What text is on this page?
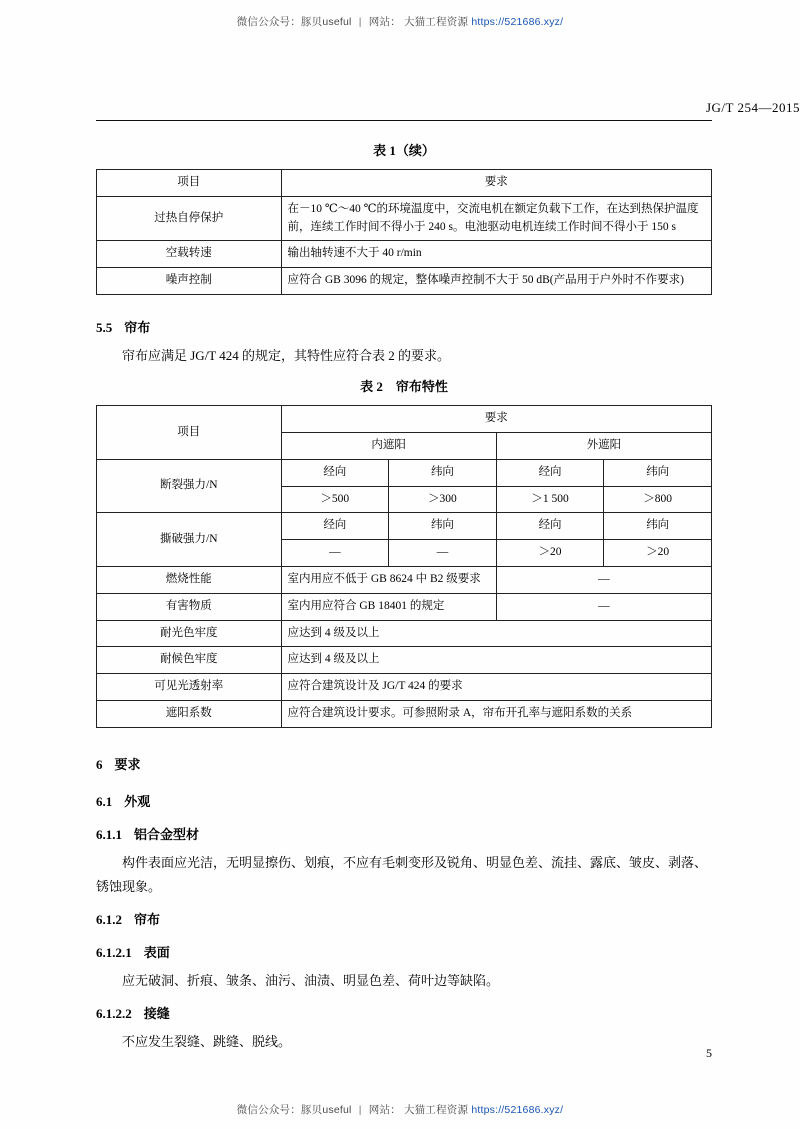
微信公众号：豚贝useful | 网站： 大猫工程资源 https://521686.xyz/
JG/T 254—2015
表 1（续）
项目	要求
过热自停保护	在－10 ℃～40 ℃的环境温度中，交流电机在额定负载下工作，在达到热保护温度前，连续工作时间不得小于 240 s。电池驱动电机连续工作时间不得小于 150 s
空载转速	输出轴转速不大于 40 r/min
噪声控制	应符合 GB 3096 的规定，整体噪声控制不大于 50 dB(产品用于户外时不作要求)
5.5 帘布

帘布应满足 JG/T 424 的规定，其特性应符合表 2 的要求。

表 2　帘布特性
项目	要求			
	内遮阳		外遮阳	
断裂强力/N	经向	纬向	经向	纬向
	＞500	＞300	＞1 500	＞800
撕破强力/N	经向	纬向	经向	纬向
	—	—	＞20	＞20
燃烧性能	室内用应不低于 GB 8624 中 B2 级要求		—	
有害物质	室内用应符合 GB 18401 的规定		—	
耐光色牢度	应达到 4 级及以上			
耐候色牢度	应达到 4 级及以上			
可见光透射率	应符合建筑设计及 JG/T 424 的要求			
遮阳系数	应符合建筑设计要求。可参照附录 A，帘布开孔率与遮阳系数的关系			
6 要求
6.1 外观
6.1.1 铝合金型材

构件表面应光洁，无明显擦伤、划痕，不应有毛刺变形及锐角、明显色差、流挂、露底、皱皮、剥落、锈蚀现象。

6.1.2 帘布
6.1.2.1 表面

应无破洞、折痕、皱条、油污、油渍、明显色差、荷叶边等缺陷。

6.1.2.2 接缝

不应发生裂缝、跳缝、脱线。

5
微信公众号：豚贝useful | 网站： 大猫工程资源 https://521686.xyz/
